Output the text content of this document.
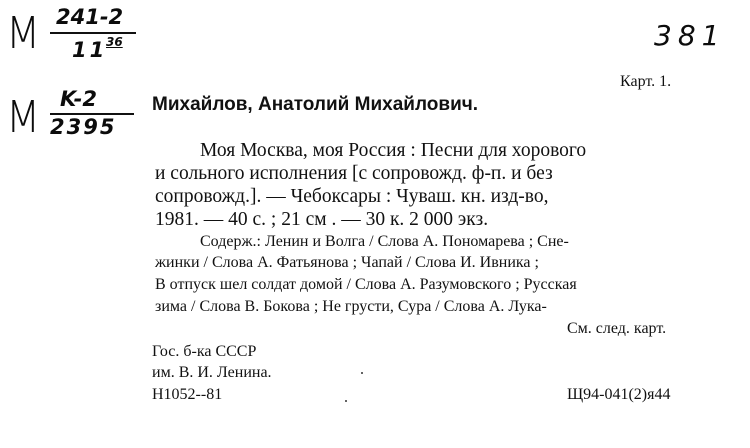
M 241-2
11
36
M K-2
2395
381
Карт. 1.
Михайлов, Анатолий Михайлович.
Моя Москва, моя Россия : Песни для хорового
и сольного исполнения [с сопровожд. ф-п. и без
сопровожд.]. — Чебоксары : Чуваш. кн. изд-во,
1981. — 40 с. ; 21 см . — 30 к. 2 000 экз.
Содерж.: Ленин и Волга / Слова А. Пономарева ; Сне-
жинки / Слова А. Фатьянова ; Чапай / Слова И. Ивника ;
В отпуск шел солдат домой / Слова А. Разумовского ; Русская
зима / Слова В. Бокова ; Не грусти, Сура / Слова А. Лука-
См. след. карт.
Гос. б-ка СССР
им. В. И. Ленина.
Н1052--81	Щ94-041(2)я44
